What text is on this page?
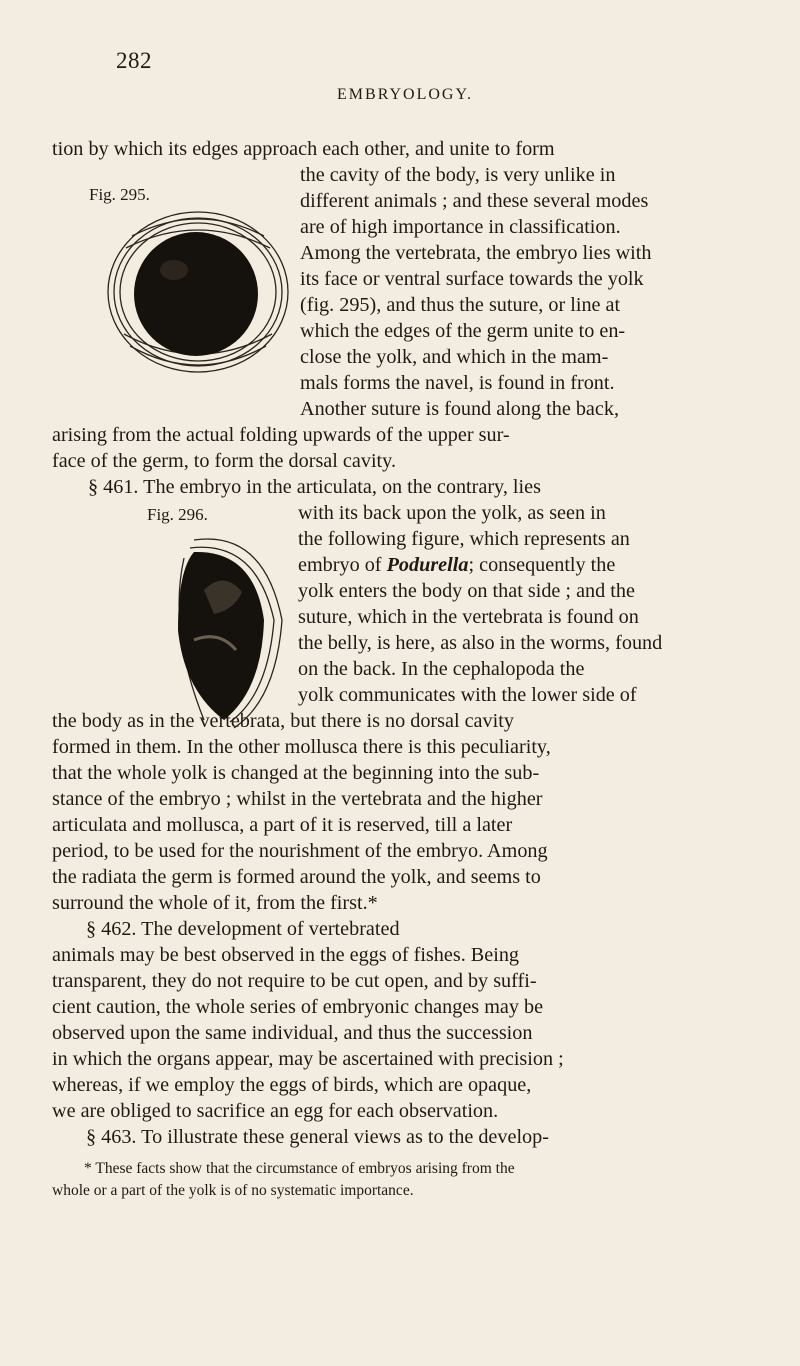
282
EMBRYOLOGY.
Fig. 295.
Fig. 296.
tion by which its edges approach each other, and unite to form
the cavity of the body, is very unlike in
different animals ; and these several modes
are of high importance in classification.
Among the vertebrata, the embryo lies with
its face or ventral surface towards the yolk
(fig. 295), and thus the suture, or line at
which the edges of the germ unite to en-
close the yolk, and which in the mam-
mals forms the navel, is found in front.
Another suture is found along the back,
arising from the actual folding upwards of the upper sur-
face of the germ, to form the dorsal cavity.
§ 461. The embryo in the articulata, on the contrary, lies
with its back upon the yolk, as seen in
the following figure, which represents an
embryo of Podurella; consequently the
yolk enters the body on that side ; and the
suture, which in the vertebrata is found on
the belly, is here, as also in the worms, found
on the back. In the cephalopoda the
yolk communicates with the lower side of
the body as in the vertebrata, but there is no dorsal cavity
formed in them. In the other mollusca there is this peculiarity,
that the whole yolk is changed at the beginning into the sub-
stance of the embryo ; whilst in the vertebrata and the higher
articulata and mollusca, a part of it is reserved, till a later
period, to be used for the nourishment of the embryo. Among
the radiata the germ is formed around the yolk, and seems to
surround the whole of it, from the first.*
§ 462. The development of vertebrated
animals may be best observed in the eggs of fishes. Being
transparent, they do not require to be cut open, and by suffi-
cient caution, the whole series of embryonic changes may be
observed upon the same individual, and thus the succession
in which the organs appear, may be ascertained with precision ;
whereas, if we employ the eggs of birds, which are opaque,
we are obliged to sacrifice an egg for each observation.
§ 463. To illustrate these general views as to the develop-
* These facts show that the circumstance of embryos arising from the
whole or a part of the yolk is of no systematic importance.
